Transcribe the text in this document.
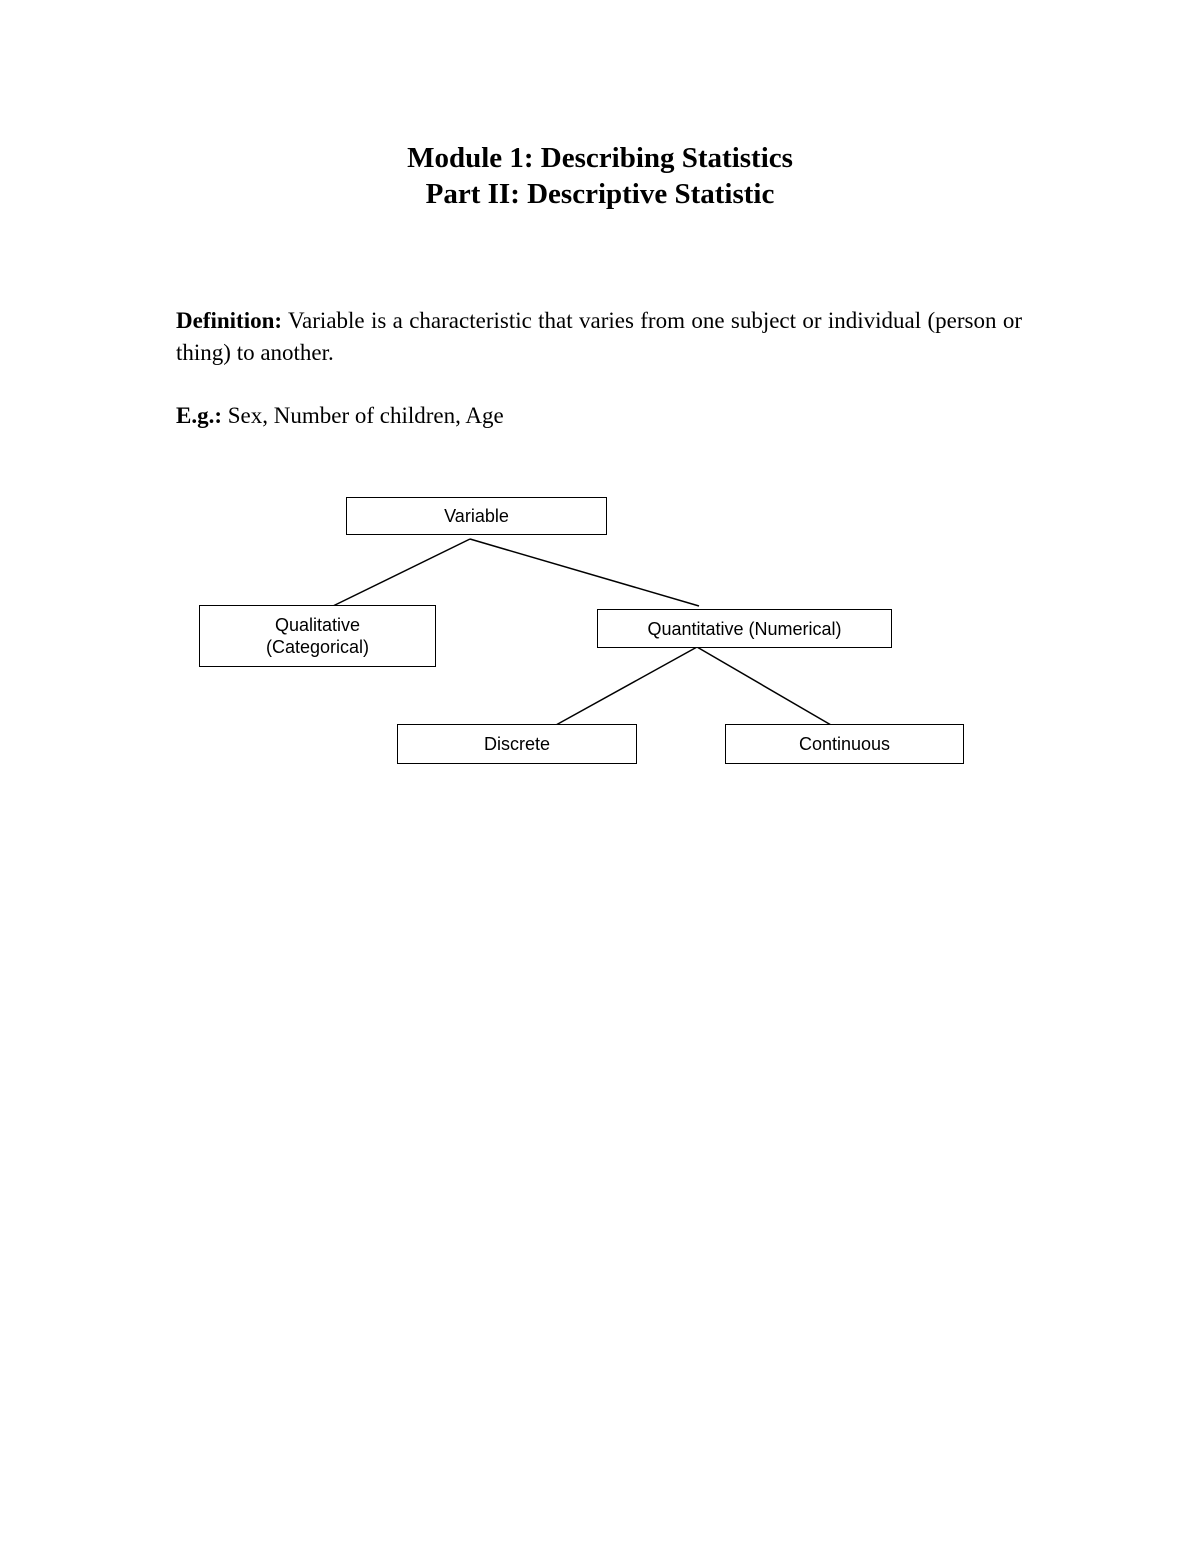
Module 1: Describing Statistics
Part II: Descriptive Statistic
Definition: Variable is a characteristic that varies from one subject or individual (person or thing) to another.
E.g.: Sex, Number of children, Age
Variable
Qualitative
(Categorical)
Quantitative (Numerical)
Discrete	Continuous
